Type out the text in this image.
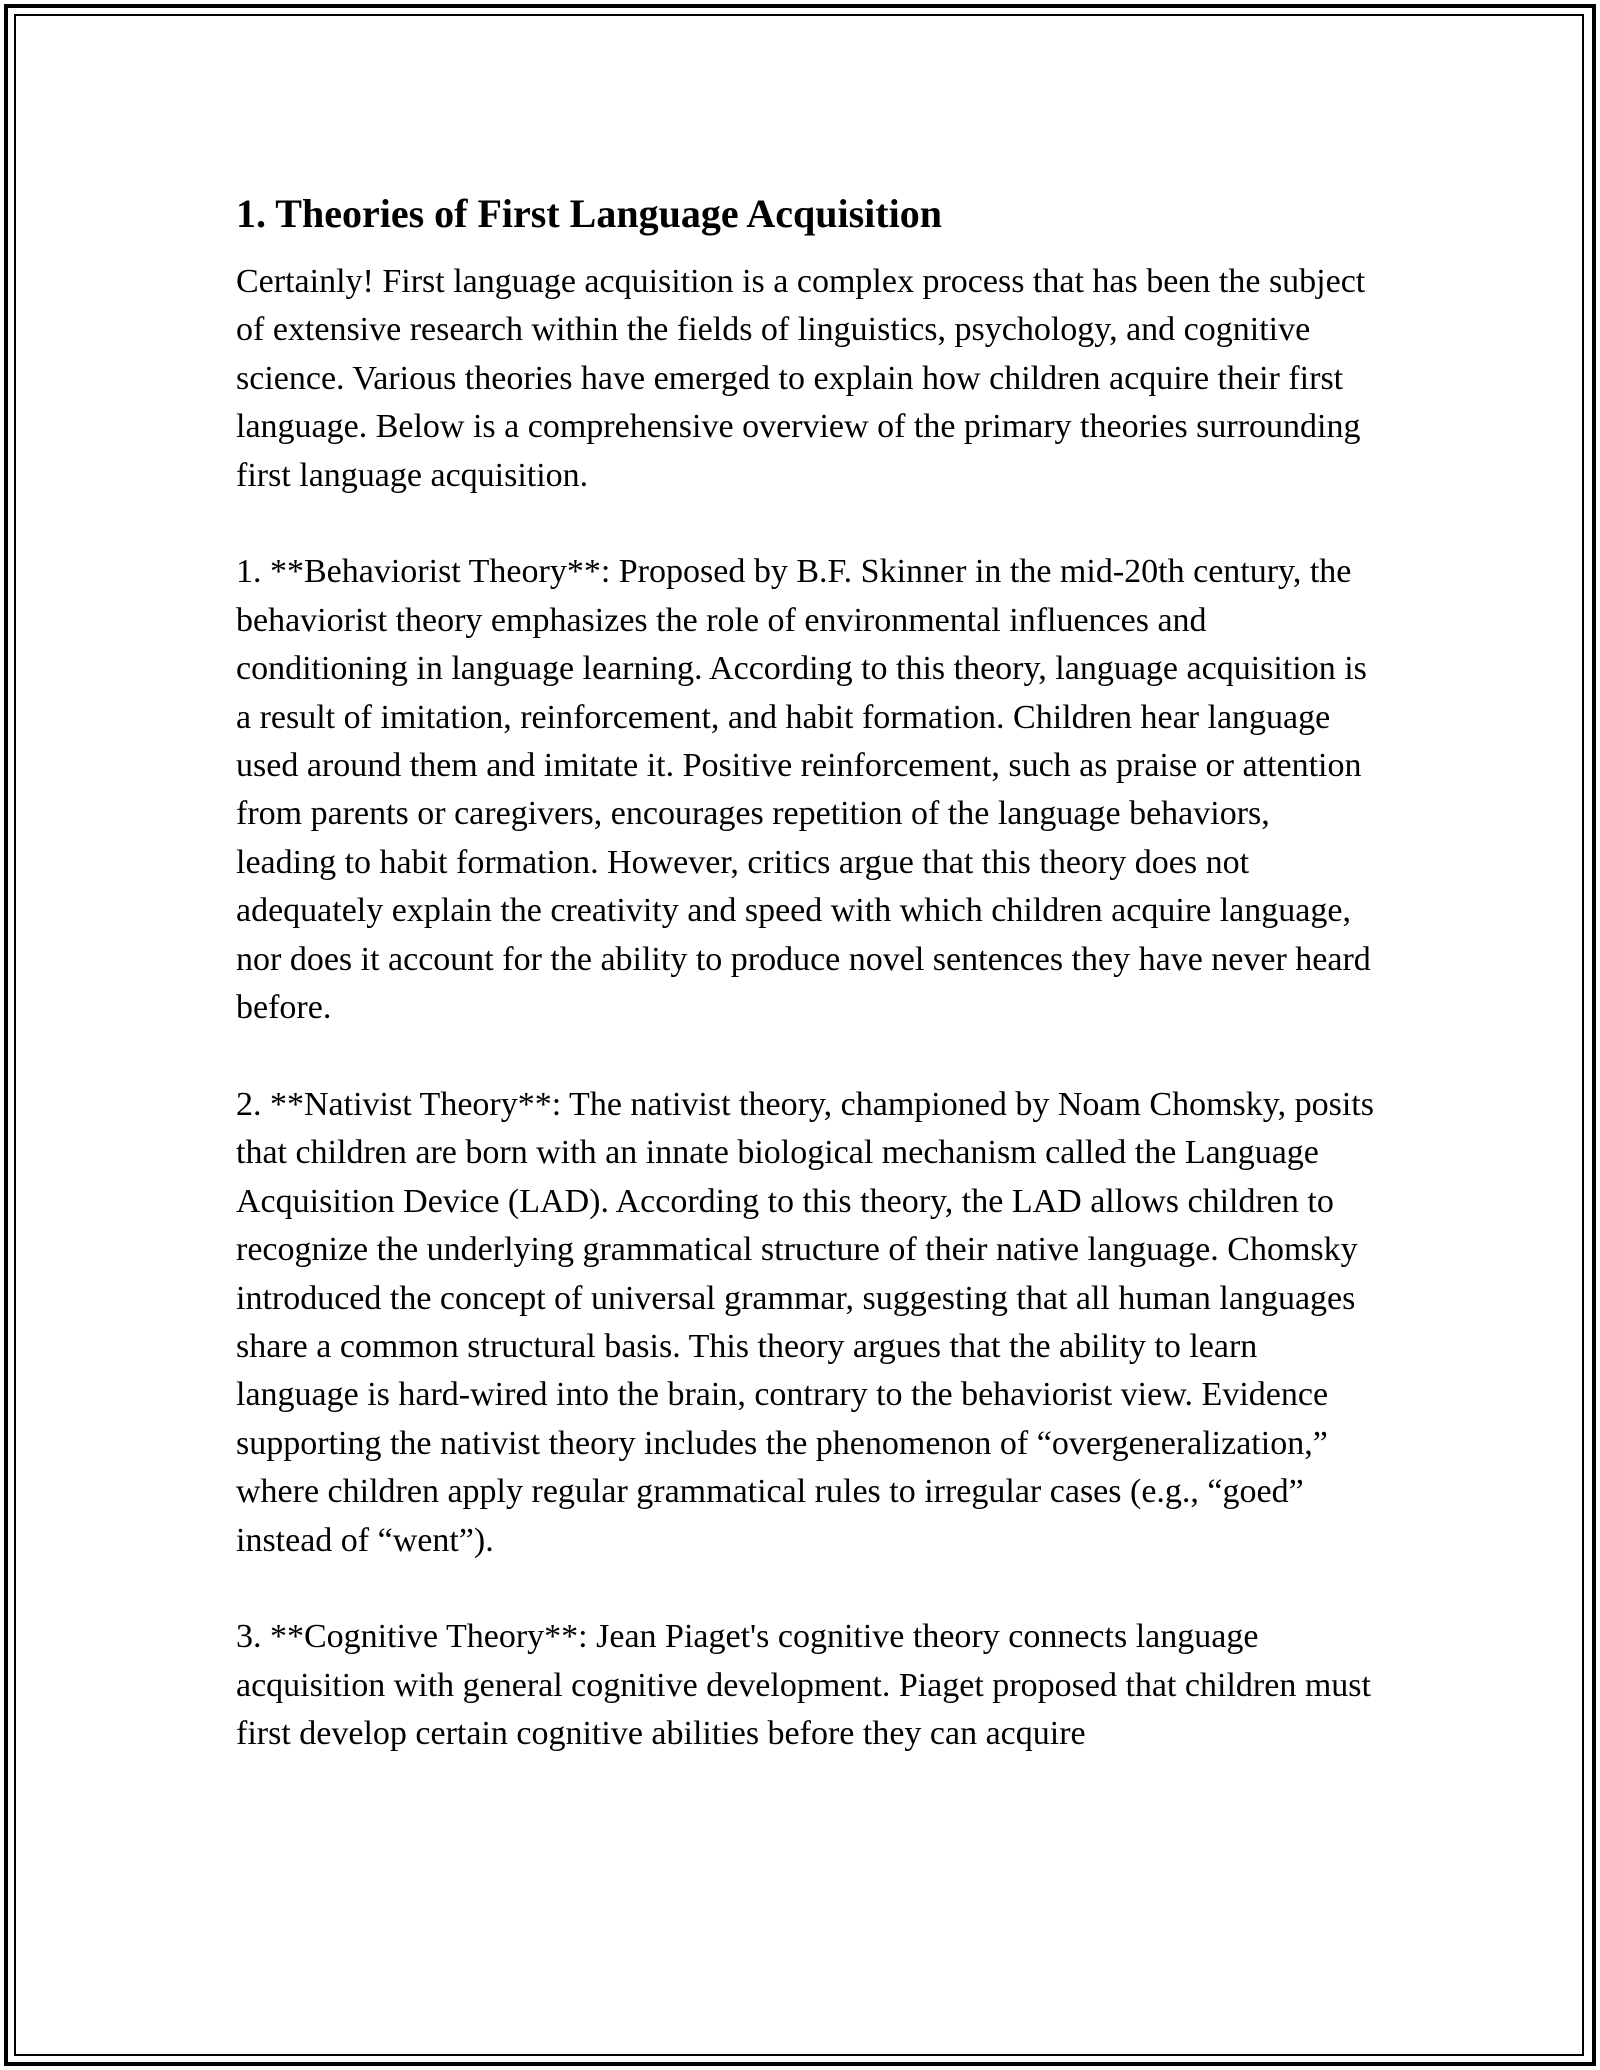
1. Theories of First Language Acquisition

Certainly! First language acquisition is a complex process that has been the subject of extensive research within the fields of linguistics, psychology, and cognitive science. Various theories have emerged to explain how children acquire their first language. Below is a comprehensive overview of the primary theories surrounding first language acquisition.

1. **Behaviorist Theory**: Proposed by B.F. Skinner in the mid-20th century, the behaviorist theory emphasizes the role of environmental influences and conditioning in language learning. According to this theory, language acquisition is a result of imitation, reinforcement, and habit formation. Children hear language used around them and imitate it. Positive reinforcement, such as praise or attention from parents or caregivers, encourages repetition of the language behaviors, leading to habit formation. However, critics argue that this theory does not adequately explain the creativity and speed with which children acquire language, nor does it account for the ability to produce novel sentences they have never heard before.

2. **Nativist Theory**: The nativist theory, championed by Noam Chomsky, posits that children are born with an innate biological mechanism called the Language Acquisition Device (LAD). According to this theory, the LAD allows children to recognize the underlying grammatical structure of their native language. Chomsky introduced the concept of universal grammar, suggesting that all human languages share a common structural basis. This theory argues that the ability to learn language is hard-wired into the brain, contrary to the behaviorist view. Evidence supporting the nativist theory includes the phenomenon of “overgeneralization,” where children apply regular grammatical rules to irregular cases (e.g., “goed” instead of “went”).

3. **Cognitive Theory**: Jean Piaget's cognitive theory connects language acquisition with general cognitive development. Piaget proposed that children must first develop certain cognitive abilities before they can acquire
